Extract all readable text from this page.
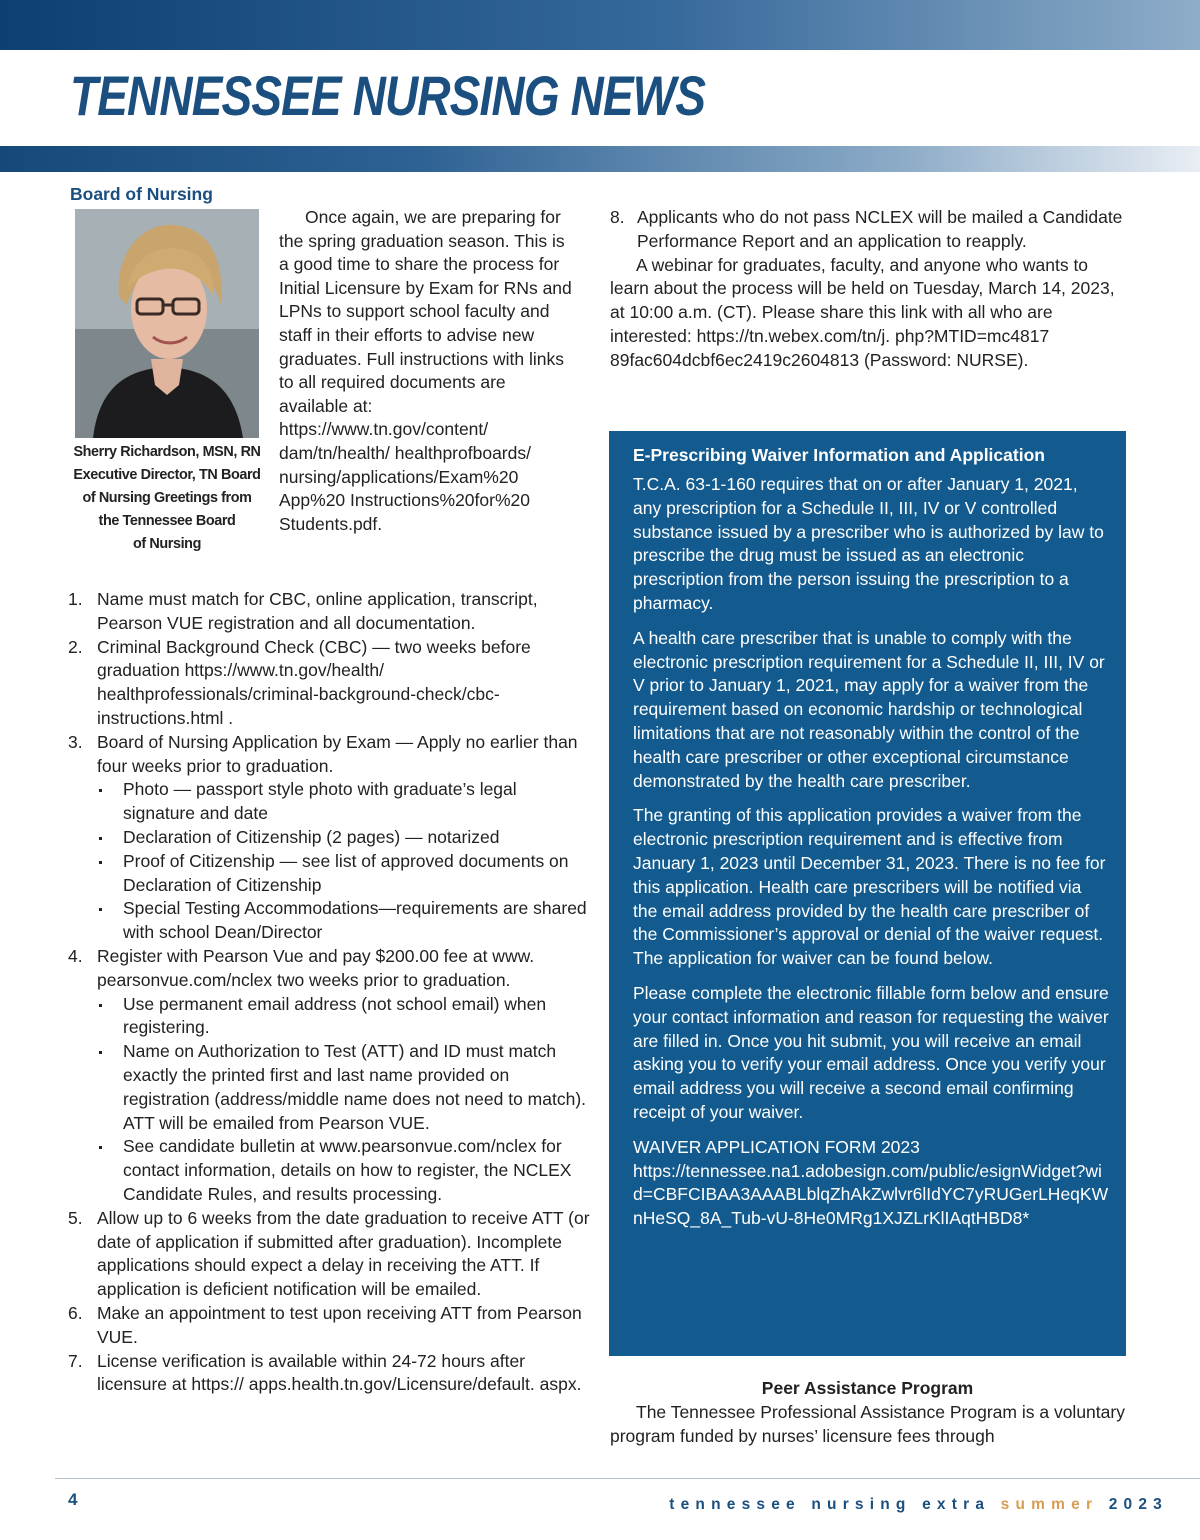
TENNESSEE NURSING NEWS
Board of Nursing

Sherry Richardson, MSN, RN
Executive Director, TN Board
of Nursing Greetings from
the Tennessee Board
of Nursing

Once again, we are preparing for the spring graduation season. This is a good time to share the process for Initial Licensure by Exam for RNs and LPNs to support school faculty and staff in their efforts to advise new graduates. Full instructions with links to all required documents are available at: https://www.tn.gov/content/ dam/tn/health/ healthprofboards/ nursing/applications/Exam%20 App%20 Instructions%20for%20 Students.pdf.

1. Name must match for CBC, online application, transcript, Pearson VUE registration and all documentation.
2. Criminal Background Check (CBC) — two weeks before graduation https://www.tn.gov/health/ healthprofessionals/criminal-background-check/cbc-instructions.html .
3. Board of Nursing Application by Exam — Apply no earlier than four weeks prior to graduation.
Photo — passport style photo with graduate’s legal signature and date
Declaration of Citizenship (2 pages) — notarized
Proof of Citizenship — see list of approved documents on Declaration of Citizenship
Special Testing Accommodations—requirements are shared with school Dean/Director
4. Register with Pearson Vue and pay $200.00 fee at www. pearsonvue.com/nclex two weeks prior to graduation.
Use permanent email address (not school email) when registering.
Name on Authorization to Test (ATT) and ID must match exactly the printed first and last name provided on registration (address/middle name does not need to match). ATT will be emailed from Pearson VUE.
See candidate bulletin at www.pearsonvue.com/nclex for contact information, details on how to register, the NCLEX Candidate Rules, and results processing.
5. Allow up to 6 weeks from the date graduation to receive ATT (or date of application if submitted after graduation). Incomplete applications should expect a delay in receiving the ATT. If application is deficient notification will be emailed.
6. Make an appointment to test upon receiving ATT from Pearson VUE.
7. License verification is available within 24-72 hours after licensure at https:// apps.health.tn.gov/Licensure/default. aspx.
8. Applicants who do not pass NCLEX will be mailed a Candidate Performance Report and an application to reapply.

A webinar for graduates, faculty, and anyone who wants to learn about the process will be held on Tuesday, March 14, 2023, at 10:00 a.m. (CT). Please share this link with all who are interested: https://tn.webex.com/tn/j. php?MTID=mc4817 89fac604dcbf6ec2419c2604813 (Password: NURSE).

E-Prescribing Waiver Information and Application

T.C.A. 63-1-160 requires that on or after January 1, 2021, any prescription for a Schedule II, III, IV or V controlled substance issued by a prescriber who is authorized by law to prescribe the drug must be issued as an electronic prescription from the person issuing the prescription to a pharmacy.

A health care prescriber that is unable to comply with the electronic prescription requirement for a Schedule II, III, IV or V prior to January 1, 2021, may apply for a waiver from the requirement based on economic hardship or technological limitations that are not reasonably within the control of the health care prescriber or other exceptional circumstance demonstrated by the health care prescriber.

The granting of this application provides a waiver from the electronic prescription requirement and is effective from January 1, 2023 until December 31, 2023. There is no fee for this application. Health care prescribers will be notified via the email address provided by the health care prescriber of the Commissioner’s approval or denial of the waiver request. The application for waiver can be found below.

Please complete the electronic fillable form below and ensure your contact information and reason for requesting the waiver are filled in. Once you hit submit, you will receive an email asking you to verify your email address. Once you verify your email address you will receive a second email confirming receipt of your waiver.

WAIVER APPLICATION FORM 2023
https://tennessee.na1.adobesign.com/public/esignWidget?wid=CBFCIBAA3AAABLblqZhAkZwlvr6lIdYC7yRUGerLHeqKWnHeSQ_8A_Tub-vU-8He0MRg1XJZLrKlIAqtHBD8*

Peer Assistance Program

The Tennessee Professional Assistance Program is a voluntary program funded by nurses’ licensure fees through

4	tennessee nursing extra summer 2023
